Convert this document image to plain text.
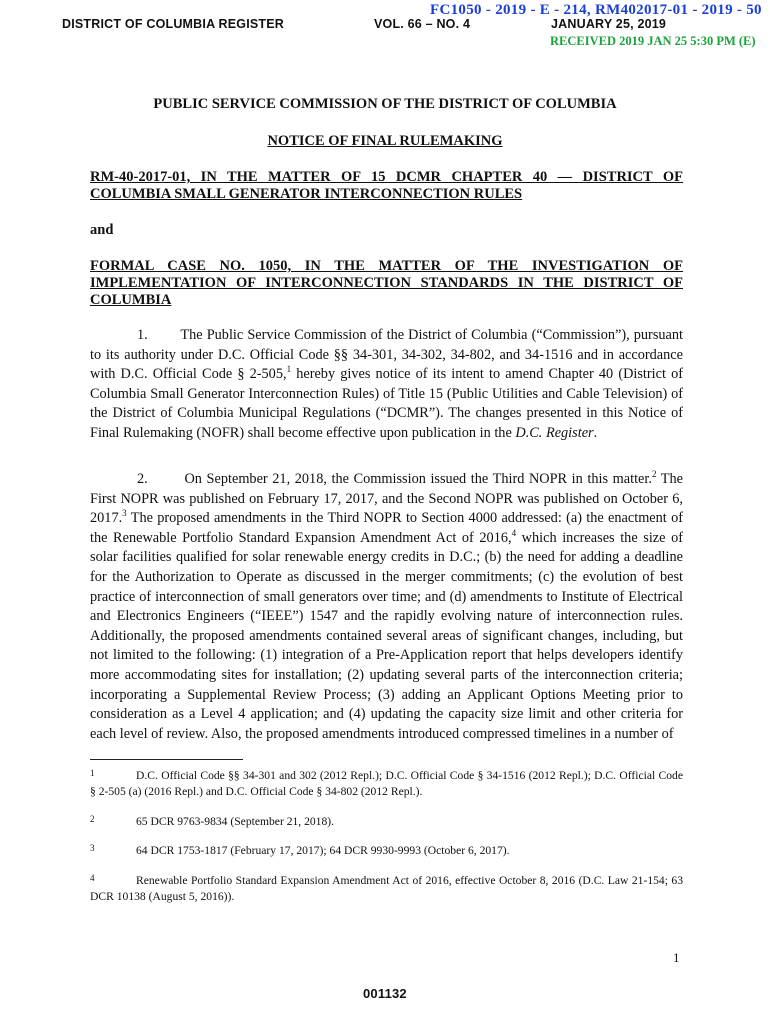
DISTRICT OF COLUMBIA REGISTER	VOL. 66 – NO. 4	JANUARY 25, 2019
FC1050 - 2019 - E - 214, RM402017-01 - 2019 - 50
RECEIVED 2019 JAN 25 5:30 PM (E)
PUBLIC SERVICE COMMISSION OF THE DISTRICT OF COLUMBIA
NOTICE OF FINAL RULEMAKING
RM-40-2017-01, IN THE MATTER OF 15 DCMR CHAPTER 40 — DISTRICT OF
COLUMBIA SMALL GENERATOR INTERCONNECTION RULES
and
FORMAL CASE NO. 1050, IN THE MATTER OF THE INVESTIGATION OF
IMPLEMENTATION OF INTERCONNECTION STANDARDS IN THE DISTRICT OF
COLUMBIA

1. The Public Service Commission of the District of Columbia (“Commission”), pursuant to its authority under D.C. Official Code §§ 34-301, 34-302, 34-802, and 34-1516 and in accordance with D.C. Official Code § 2-505,$^1$ hereby gives notice of its intent to amend Chapter 40 (District of Columbia Small Generator Interconnection Rules) of Title 15 (Public Utilities and Cable Television) of the District of Columbia Municipal Regulations (“DCMR”). The changes presented in this Notice of Final Rulemaking (NOFR) shall become effective upon publication in the D.C. Register.

2.	On September 21, 2018, the Commission issued the Third NOPR in this matter.$^2$ The First NOPR was published on February 17, 2017, and the Second NOPR was published on October 6, 2017.$^3$ The proposed amendments in the Third NOPR to Section 4000 addressed: (a) the enactment of the Renewable Portfolio Standard Expansion Amendment Act of 2016,$^4$ which increases the size of solar facilities qualified for solar renewable energy credits in D.C.; (b) the need for adding a deadline for the Authorization to Operate as discussed in the merger commitments; (c) the evolution of best practice of interconnection of small generators over time; and (d) amendments to Institute of Electrical and Electronics Engineers (“IEEE”) 1547 and the rapidly evolving nature of interconnection rules. Additionally, the proposed amendments contained several areas of significant changes, including, but not limited to the following: (1) integration of a Pre-Application report that helps developers identify more accommodating sites for installation; (2) updating several parts of the interconnection criteria; incorporating a Supplemental Review Process; (3) adding an Applicant Options Meeting prior to consideration as a Level 4 application; and (4) updating the capacity size limit and other criteria for each level of review. Also, the proposed amendments introduced compressed timelines in a number of

1	D.C. Official Code §§ 34-301 and 302 (2012 Repl.); D.C. Official Code § 34-1516 (2012 Repl.); D.C. Official Code § 2-505 (a) (2016 Repl.) and D.C. Official Code § 34-802 (2012 Repl.).
2	65 DCR 9763-9834 (September 21, 2018).
3	64 DCR 1753-1817 (February 17, 2017); 64 DCR 9930-9993 (October 6, 2017).
4	Renewable Portfolio Standard Expansion Amendment Act of 2016, effective October 8, 2016 (D.C. Law 21-154; 63 DCR 10138 (August 5, 2016)).
1
001132
